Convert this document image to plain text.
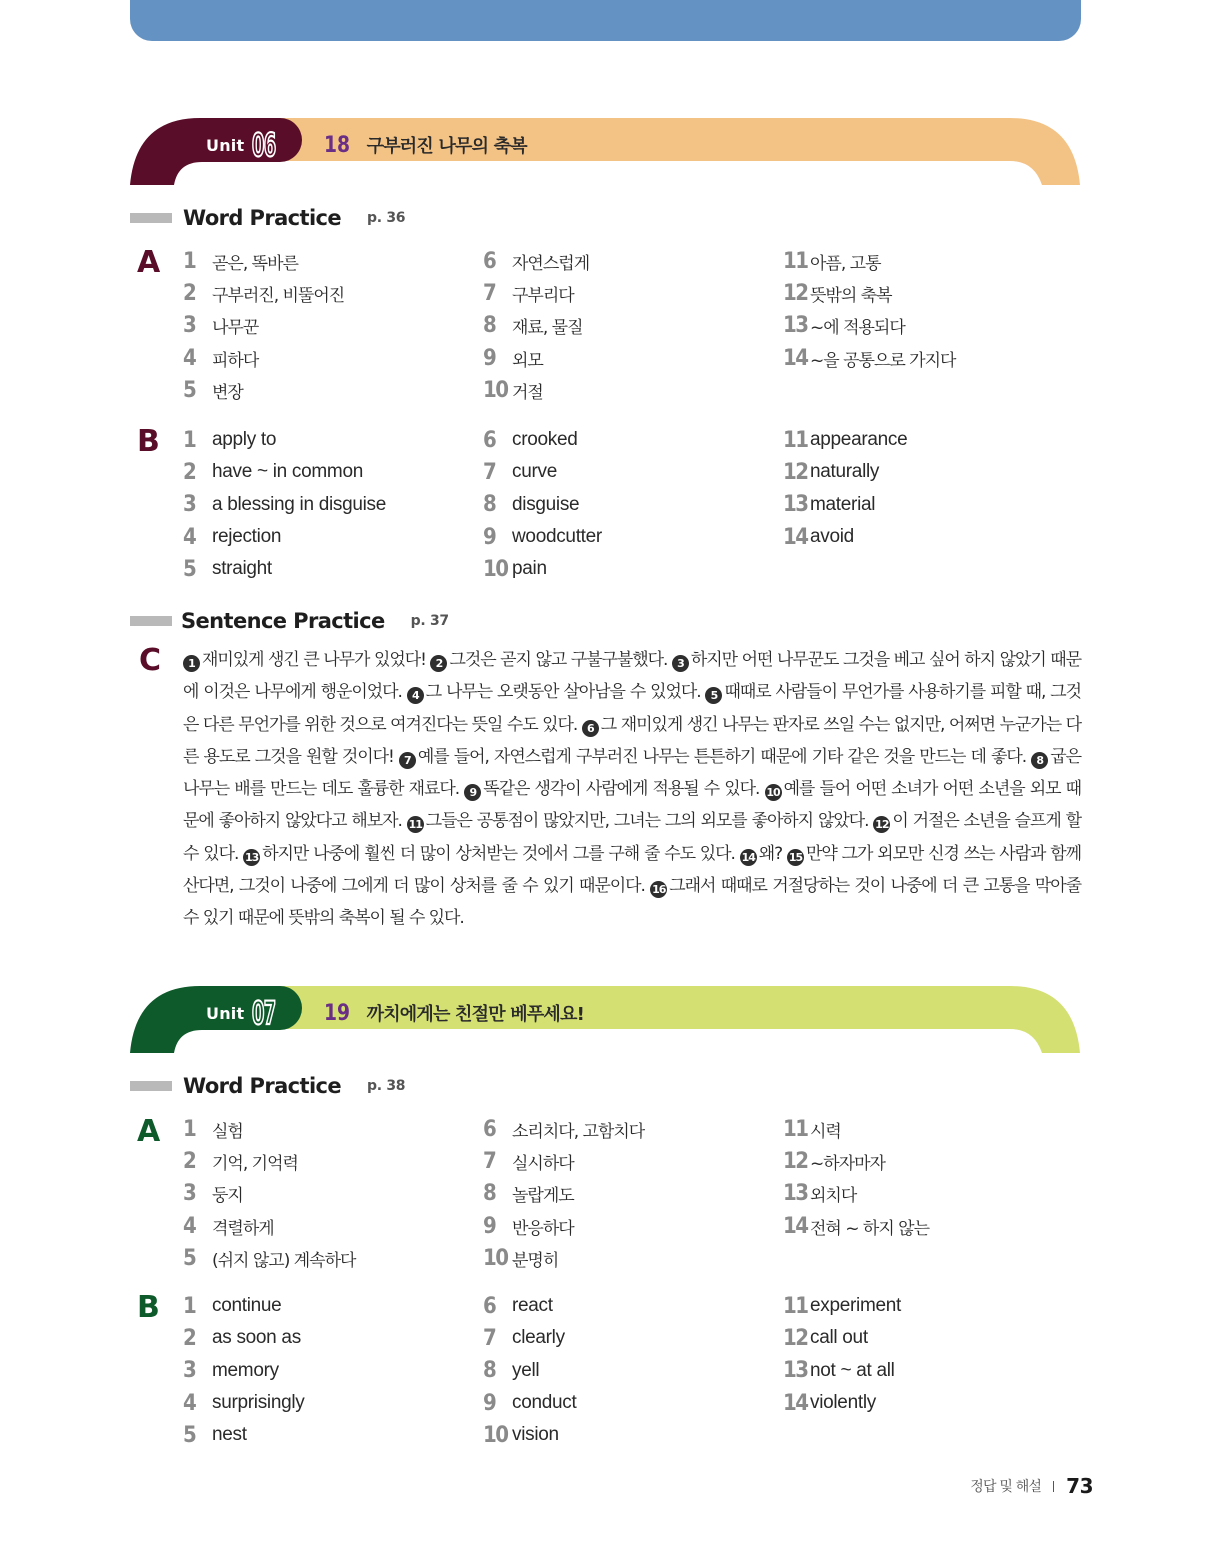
Unit 06 18 구부러진 나무의 축복
Word Practice p. 36
A 1 곧은, 똑바른
2 구부러진, 비뚤어진
3 나무꾼
4 피하다
5 변장
6 자연스럽게
7 구부리다
8 재료, 물질
9 외모
10 거절
11 아픔, 고통
12 뜻밖의 축복
13 ~에 적용되다
14 ~을 공통으로 가지다
B 1 apply to
2 have ~ in common
3 a blessing in disguise
4 rejection
5 straight
6 crooked
7 curve
8 disguise
9 woodcutter
10 pain
11 appearance
12 naturally
13 material
14 avoid
Sentence Practice p. 37
C	1 재미있게 생긴 큰 나무가 있었다! 2 그것은 곧지 않고 구불구불했다. 3 하지만 어떤 나무꾼도 그것을 베고 싶어 하지 않았기 때문에 이것은 나무에게 행운이었다. 4 그 나무는 오랫동안 살아남을 수 있었다. 5 때때로 사람들이 무언가를 사용하기를 피할 때, 그것은 다른 무언가를 위한 것으로 여겨진다는 뜻일 수도 있다. 6 그 재미있게 생긴 나무는 판자로 쓰일 수는 없지만, 어쩌면 누군가는 다른 용도로 그것을 원할 것이다! 7 예를 들어, 자연스럽게 구부러진 나무는 튼튼하기 때문에 기타 같은 것을 만드는 데 좋다. 8 굽은 나무는 배를 만드는 데도 훌륭한 재료다. 9 똑같은 생각이 사람에게 적용될 수 있다. 10 예를 들어 어떤 소녀가 어떤 소년을 외모 때문에 좋아하지 않았다고 해보자. 11 그들은 공통점이 많았지만, 그녀는 그의 외모를 좋아하지 않았다. 12 이 거절은 소년을 슬프게 할 수 있다. 13 하지만 나중에 훨씬 더 많이 상처받는 것에서 그를 구해 줄 수도 있다. 14 왜? 15 만약 그가 외모만 신경 쓰는 사람과 함께 산다면, 그것이 나중에 그에게 더 많이 상처를 줄 수 있기 때문이다. 16 그래서 때때로 거절당하는 것이 나중에 더 큰 고통을 막아줄 수 있기 때문에 뜻밖의 축복이 될 수 있다.
Unit 07 19 까치에게는 친절만 베푸세요!
Word Practice p. 38
A 1 실험
2 기억, 기억력
3 둥지
4 격렬하게
5 (쉬지 않고) 계속하다
6 소리치다, 고함치다
7 실시하다
8 놀랍게도
9 반응하다
10 분명히
11 시력
12 ~하자마자
13 외치다
14 전혀 ~ 하지 않는
B 1 continue
2 as soon as
3 memory
4 surprisingly
5 nest
6 react
7 clearly
8 yell
9 conduct
10 vision
11 experiment
12 call out
13 not ~ at all
14 violently
정답 및 해설 73
